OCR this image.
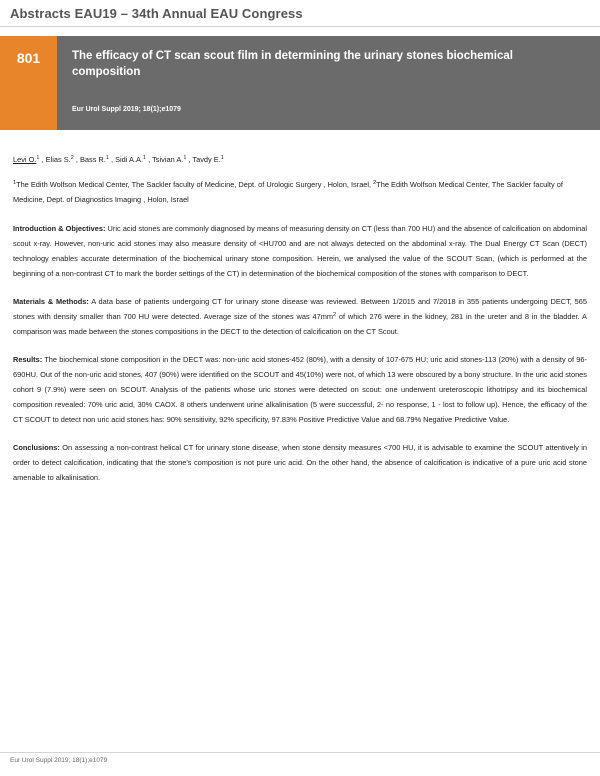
Abstracts EAU19 – 34th Annual EAU Congress
801	The efficacy of CT scan scout film in determining the urinary stones biochemical composition
Eur Urol Suppl 2019; 18(1);e1079
Levi O.$^1$ , Elias S.$^2$ , Bass R.$^1$ , Sidi A.A.$^1$ , Tsivian A.$^1$ , Tavdy E.$^1$
$^1$The Edith Wolfson Medical Center, The Sackler faculty of Medicine, Dept. of Urologic Surgery , Holon, Israel, $^2$The Edith Wolfson Medical Center, The Sackler faculty of Medicine, Dept. of Diagnostics Imaging , Holon, Israel
Introduction & Objectives: Uric acid stones are commonly diagnosed by means of measuring density on CT (less than 700 HU) and the absence of calcification on abdominal scout x-ray. However, non-uric acid stones may also measure density of <HU700 and are not always detected on the abdominal x-ray. The Dual Energy CT Scan (DECT) technology enables accurate determination of the biochemical urinary stone composition. Herein, we analysed the value of the SCOUT Scan, (which is performed at the beginning of a non-contrast CT to mark the border settings of the CT) in determination of the biochemical composition of the stones with comparison to DECT.
Materials & Methods: A data base of patients undergoing CT for urinary stone disease was reviewed. Between 1/2015 and 7/2018 in 355 patients undergoing DECT, 565 stones with density smaller than 700 HU were detected. Average size of the stones was $47mm^2$ of which 276 were in the kidney, 281 in the ureter and 8 in the bladder. A comparison was made between the stones compositions in the DECT to the detection of calcification on the CT Scout.
Results: The biochemical stone composition in the DECT was: non-uric acid stones-452 (80%), with a density of 107-675 HU; uric acid stones-113 (20%) with a density of 96-690HU. Out of the non-uric acid stones, 407 (90%) were identified on the SCOUT and 45(10%) were not, of which 13 were obscured by a bony structure. In the uric acid stones cohort 9 (7.9%) were seen on SCOUT. Analysis of the patients whose uric stones were detected on scout: one underwent ureteroscopic lithotripsy and its biochemical composition revealed: 70% uric acid, 30% CAOX. 8 others underwent urine alkalinisation (5 were successful, 2- no response, 1 - lost to follow up). Hence, the efficacy of the CT SCOUT to detect non uric acid stones has: 90% sensitivity, 92% specificity, 97.83% Positive Predictive Value and 68.79% Negative Predictive Value.
Conclusions: On assessing a non-contrast helical CT for urinary stone disease, when stone density measures <700 HU, it is advisable to examine the SCOUT attentively in order to detect calcification, indicating that the stone's composition is not pure uric acid. On the other hand, the absence of calcification is indicative of a pure uric acid stone amenable to alkalinisation.
Eur Urol Suppl 2019; 18(1);e1079
